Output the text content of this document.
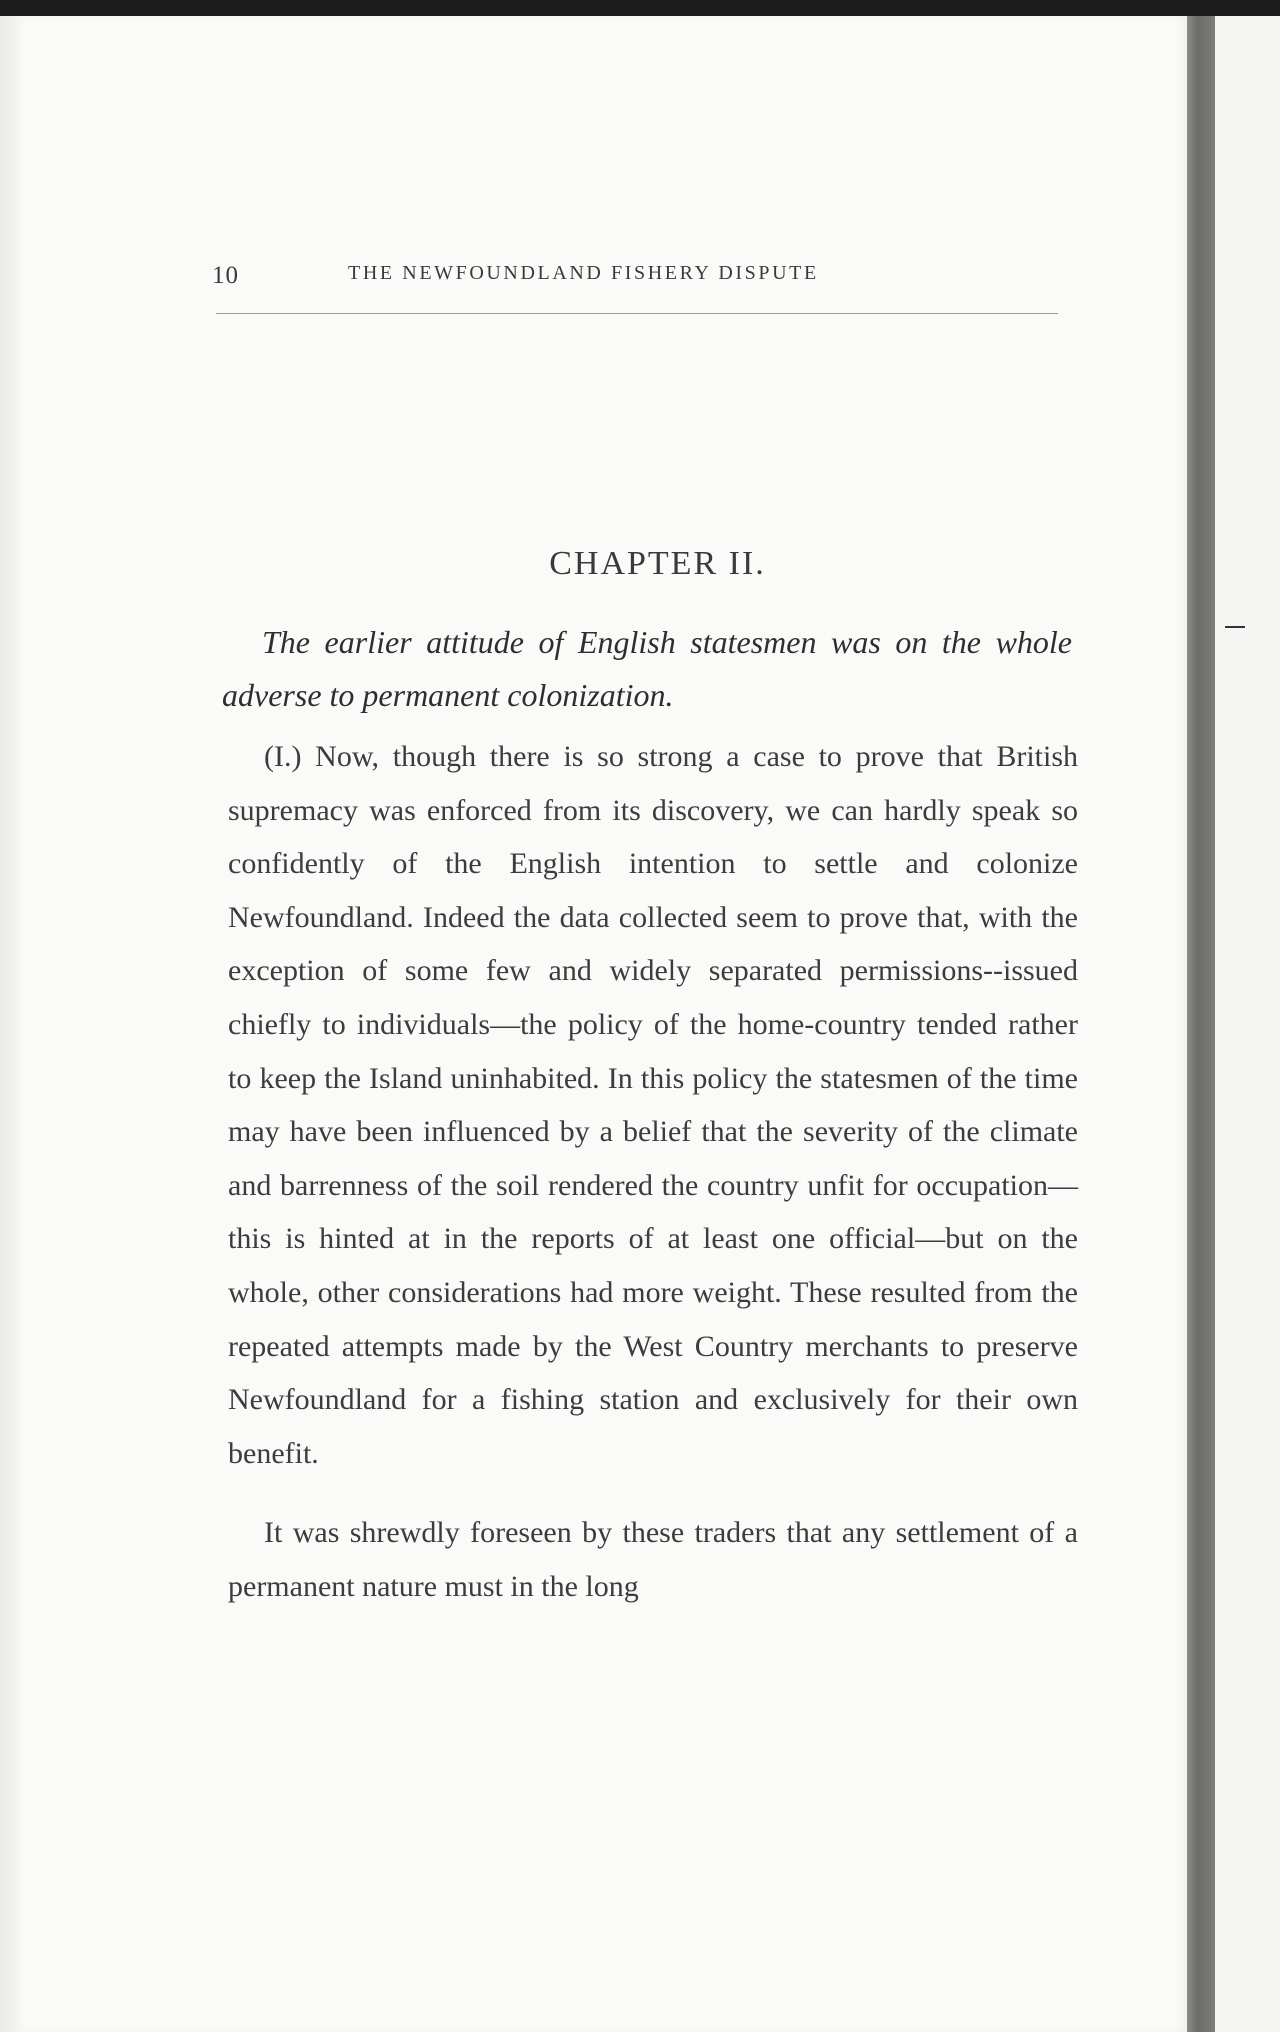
10	THE NEWFOUNDLAND FISHERY DISPUTE
CHAPTER II.
The earlier attitude of English statesmen was on the whole adverse to permanent colonization.

(I.) Now, though there is so strong a case to prove that British supremacy was enforced from its discovery, we can hardly speak so confidently of the English intention to settle and colonize Newfoundland. Indeed the data collected seem to prove that, with the exception of some few and widely separated permissions--issued chiefly to individuals—the policy of the home-country tended rather to keep the Island uninhabited. In this policy the statesmen of the time may have been influenced by a belief that the severity of the climate and barrenness of the soil rendered the country unfit for occupation—this is hinted at in the reports of at least one official—but on the whole, other considerations had more weight. These resulted from the repeated attempts made by the West Country merchants to preserve Newfoundland for a fishing station and exclusively for their own benefit.

It was shrewdly foreseen by these traders that any settlement of a permanent nature must in the long
